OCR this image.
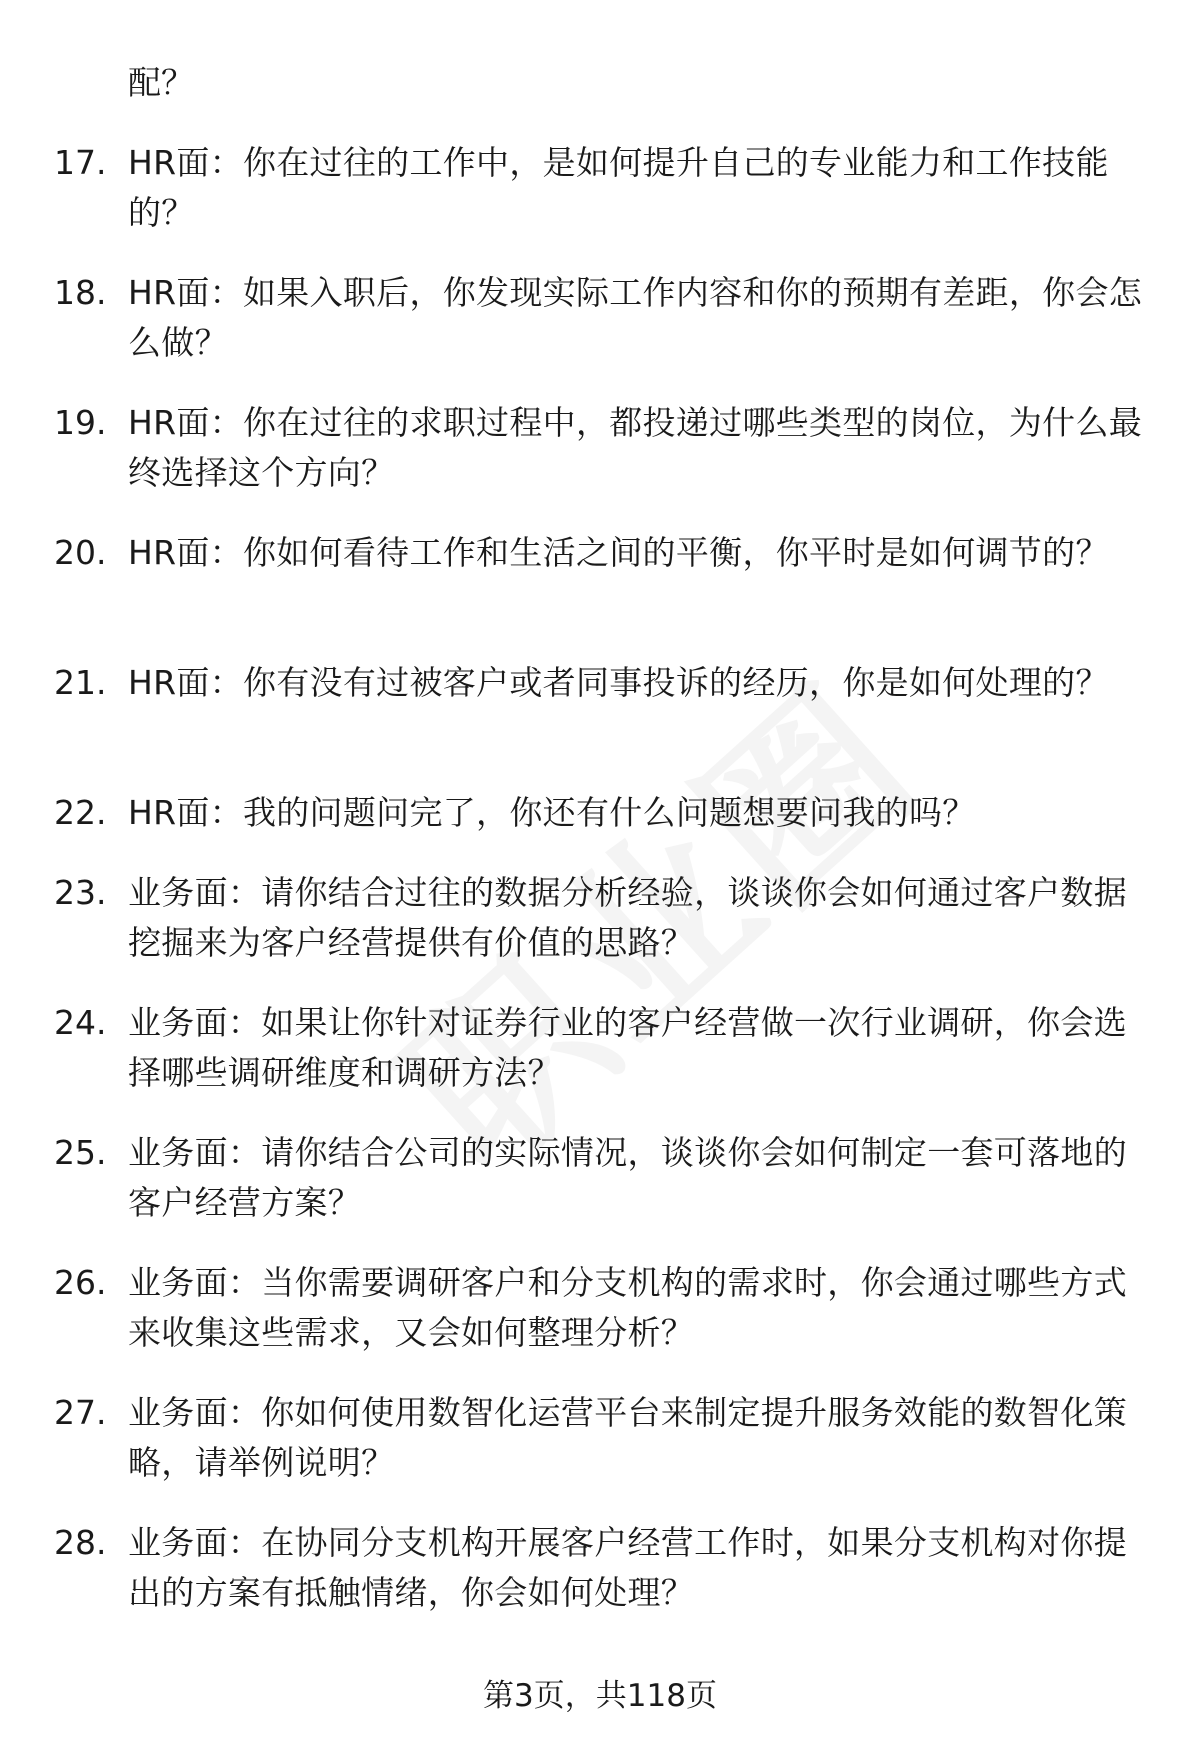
配？
17. HR面：你在过往的工作中，是如何提升自己的专业能力和工作技能的？
18. HR面：如果入职后，你发现实际工作内容和你的预期有差距，你会怎么做？
19. HR面：你在过往的求职过程中，都投递过哪些类型的岗位，为什么最终选择这个方向？
20. HR面：你如何看待工作和生活之间的平衡，你平时是如何调节的？
21. HR面：你有没有过被客户或者同事投诉的经历，你是如何处理的？
22. HR面：我的问题问完了，你还有什么问题想要问我的吗？
23. 业务面：请你结合过往的数据分析经验，谈谈你会如何通过客户数据挖掘来为客户经营提供有价值的思路？
24. 业务面：如果让你针对证券行业的客户经营做一次行业调研，你会选择哪些调研维度和调研方法？
25. 业务面：请你结合公司的实际情况，谈谈你会如何制定一套可落地的客户经营方案？
26. 业务面：当你需要调研客户和分支机构的需求时，你会通过哪些方式来收集这些需求，又会如何整理分析？
27. 业务面：你如何使用数智化运营平台来制定提升服务效能的数智化策略，请举例说明？
28. 业务面：在协同分支机构开展客户经营工作时，如果分支机构对你提出的方案有抵触情绪，你会如何处理？
第3页，共118页
